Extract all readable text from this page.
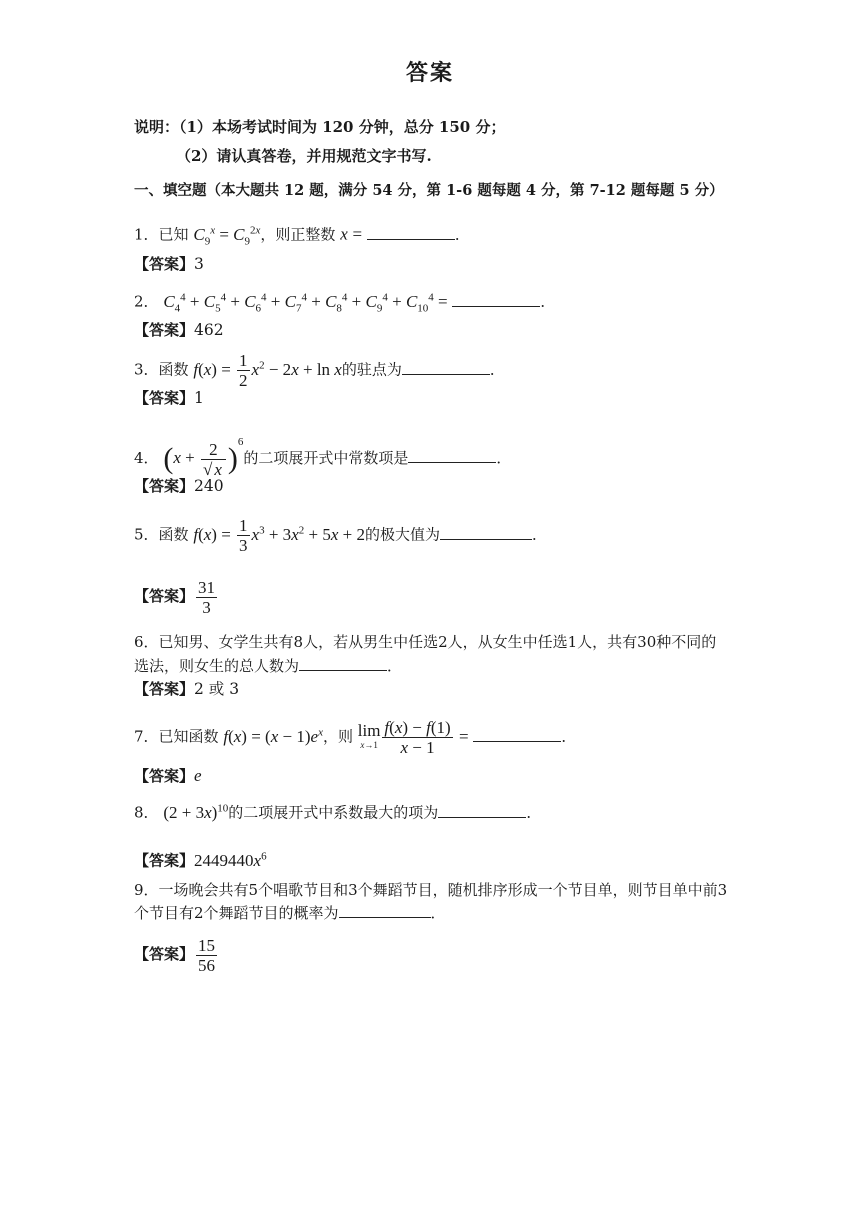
答案
说明：（1）本场考试时间为 120 分钟，总分 150 分；
（2）请认真答卷，并用规范文字书写.
一、填空题（本大题共 12 题，满分 54 分，第 1-6 题每题 4 分，第 7-12 题每题 5 分）
1．已知 $C_9^x = C_9^{2x}$，则正整数 x =	．
【答案】3
2． $C_4^4 + C_5^4 + C_6^4 + C_7^4 + C_8^4 + C_9^4 + C_{10}^4$ =	．
【答案】462
3．函数 $f(x) = \frac{1}{2} x^2 - 2x + \ln x$的驻点为	．
【答案】1
4． $(x + \frac{2}{√ x} )^6$的二项展开式中常数项是	．
【答案】240
5．函数 $f(x) = \frac{1}{3} x^3 + 3x^2 + 5x + 2$的极大值为	．
【答案】 $\frac{31}{3}$
6．已知男、女学生共有8人，若从男生中任选2人，从女生中任选1人，共有30种不同的
选法，则女生的总人数为	．
【答案】2 或 3
7．已知函数 $f(x) = (x - 1)e^x$，则 lim
$x\to 1 \frac{f(x) - f(1)}{x - 1}$ =	．
【答案】e
8． $(2 + 3x)^{10}$的二项展开式中系数最大的项为	．
【答案】$2449440x^6$
9．一场晚会共有5个唱歌节目和3个舞蹈节目，随机排序形成一个节目单，则节目单中前3
个节目有2个舞蹈节目的概率为	．
【答案】 $\frac{15}{56}$
